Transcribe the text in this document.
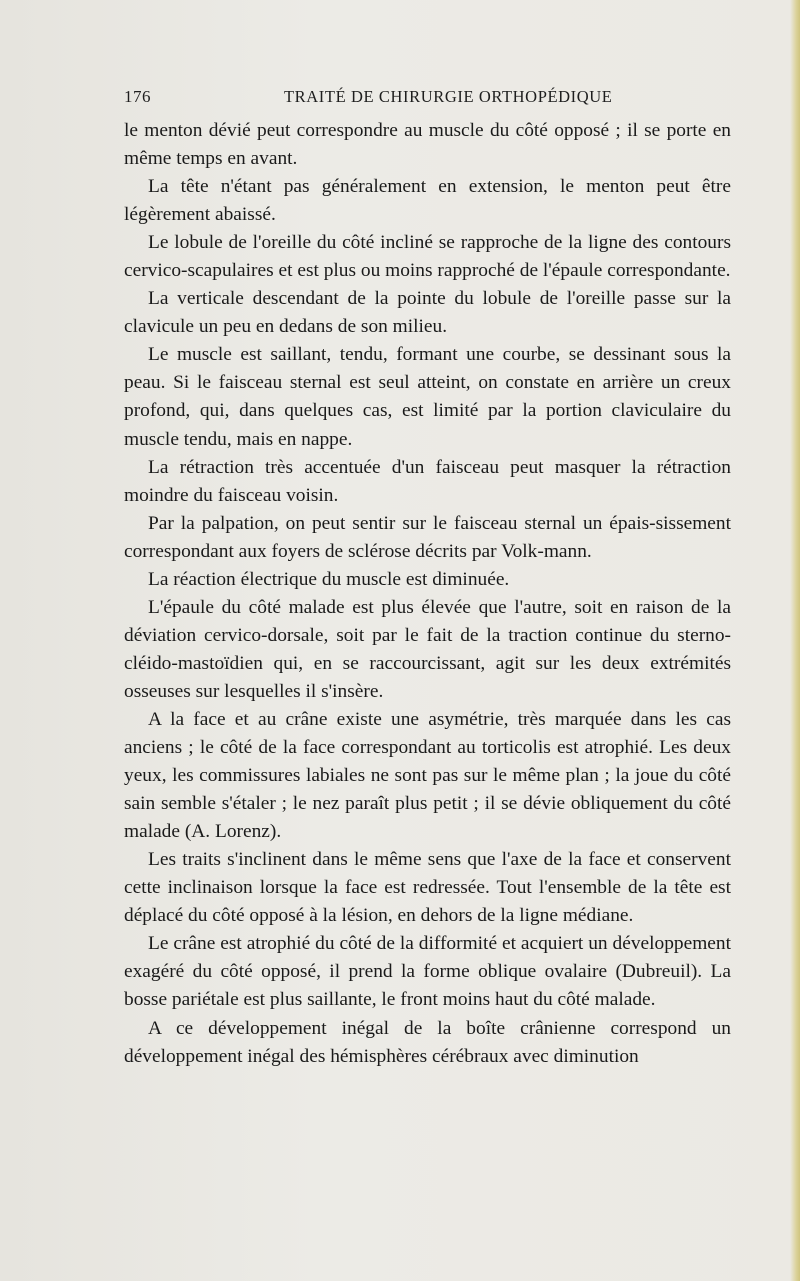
176	TRAITÉ DE CHIRURGIE ORTHOPÉDIQUE

le menton dévié peut correspondre au muscle du côté opposé ; il se porte en même temps en avant.

La tête n'étant pas généralement en extension, le menton peut être légèrement abaissé.

Le lobule de l'oreille du côté incliné se rapproche de la ligne des contours cervico-scapulaires et est plus ou moins rapproché de l'épaule correspondante.

La verticale descendant de la pointe du lobule de l'oreille passe sur la clavicule un peu en dedans de son milieu.

Le muscle est saillant, tendu, formant une courbe, se dessinant sous la peau. Si le faisceau sternal est seul atteint, on constate en arrière un creux profond, qui, dans quelques cas, est limité par la portion claviculaire du muscle tendu, mais en nappe.

La rétraction très accentuée d'un faisceau peut masquer la rétraction moindre du faisceau voisin.

Par la palpation, on peut sentir sur le faisceau sternal un épais-sissement correspondant aux foyers de sclérose décrits par Volk-mann.

La réaction électrique du muscle est diminuée.

L'épaule du côté malade est plus élevée que l'autre, soit en raison de la déviation cervico-dorsale, soit par le fait de la traction continue du sterno-cléido-mastoïdien qui, en se raccourcissant, agit sur les deux extrémités osseuses sur lesquelles il s'insère.

A la face et au crâne existe une asymétrie, très marquée dans les cas anciens ; le côté de la face correspondant au torticolis est atrophié. Les deux yeux, les commissures labiales ne sont pas sur le même plan ; la joue du côté sain semble s'étaler ; le nez paraît plus petit ; il se dévie obliquement du côté malade (A. Lorenz).

Les traits s'inclinent dans le même sens que l'axe de la face et conservent cette inclinaison lorsque la face est redressée. Tout l'ensemble de la tête est déplacé du côté opposé à la lésion, en dehors de la ligne médiane.

Le crâne est atrophié du côté de la difformité et acquiert un développement exagéré du côté opposé, il prend la forme oblique ovalaire (Dubreuil). La bosse pariétale est plus saillante, le front moins haut du côté malade.

A ce développement inégal de la boîte crânienne correspond un développement inégal des hémisphères cérébraux avec diminution
